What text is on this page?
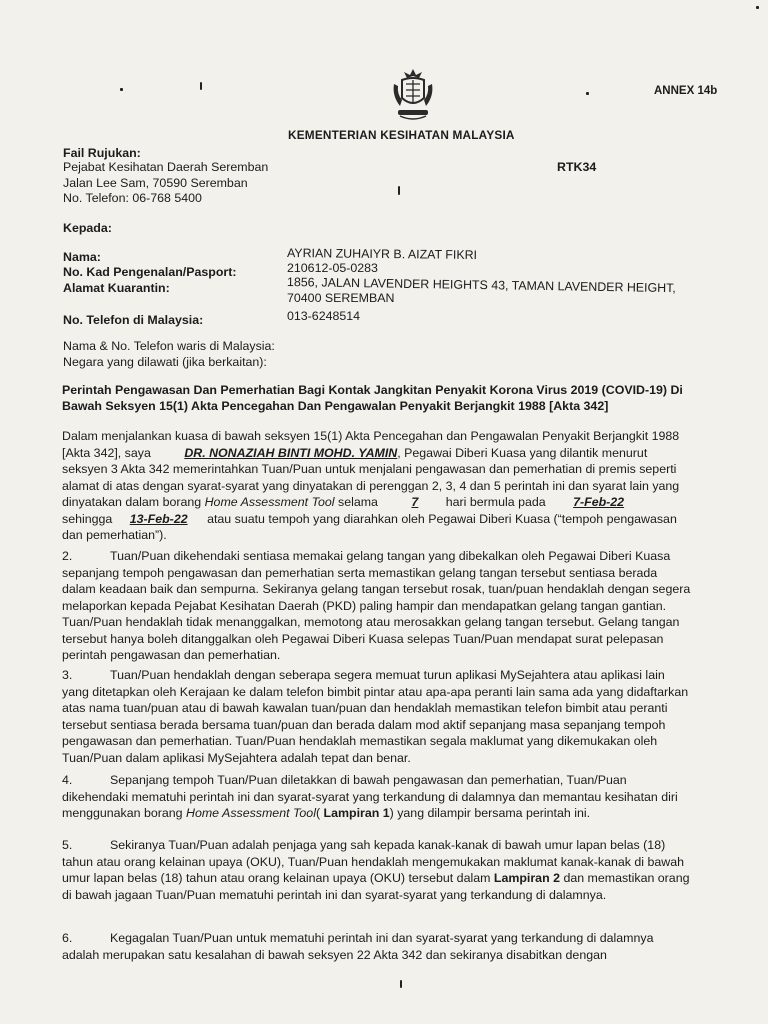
ANNEX 14b
KEMENTERIAN KESIHATAN MALAYSIA
Fail Rujukan:
RTK34
Pejabat Kesihatan Daerah Seremban
Jalan Lee Sam, 70590 Seremban
No. Telefon: 06-768 5400
Kepada:
Nama:	AYRIAN ZUHAIYR B. AIZAT FIKRI
No. Kad Pengenalan/Pasport:	210612-05-0283
Alamat Kuarantin:	1856, JALAN LAVENDER HEIGHTS 43, TAMAN LAVENDER HEIGHT,
70400 SEREMBAN
No. Telefon di Malaysia:	013-6248514
Nama & No. Telefon waris di Malaysia:
Negara yang dilawati (jika berkaitan):
Perintah Pengawasan Dan Pemerhatian Bagi Kontak Jangkitan Penyakit Korona Virus 2019 (COVID-19) Di Bawah Seksyen 15(1) Akta Pencegahan Dan Pengawalan Penyakit Berjangkit 1988 [Akta 342]
Dalam menjalankan kuasa di bawah seksyen 15(1) Akta Pencegahan dan Pengawalan Penyakit Berjangkit 1988 [Akta 342], saya	DR. NONAZIAH BINTI MOHD. YAMIN, Pegawai Diberi Kuasa yang dilantik menurut seksyen 3 Akta 342 memerintahkan Tuan/Puan untuk menjalani pengawasan dan pemerhatian di premis seperti alamat di atas dengan syarat-syarat yang dinyatakan di perenggan 2, 3, 4 dan 5 perintah ini dan syarat lain yang dinyatakan dalam borang Home Assessment Tool selama	7 hari bermula pada 7-Feb-22 sehingga 13-Feb-22 atau suatu tempoh yang diarahkan oleh Pegawai Diberi Kuasa (“tempoh pengawasan dan pemerhatian”).
2.	Tuan/Puan dikehendaki sentiasa memakai gelang tangan yang dibekalkan oleh Pegawai Diberi Kuasa sepanjang tempoh pengawasan dan pemerhatian serta memastikan gelang tangan tersebut sentiasa berada dalam keadaan baik dan sempurna. Sekiranya gelang tangan tersebut rosak, tuan/puan hendaklah dengan segera melaporkan kepada Pejabat Kesihatan Daerah (PKD) paling hampir dan mendapatkan gelang tangan gantian. Tuan/Puan hendaklah tidak menanggalkan, memotong atau merosakkan gelang tangan tersebut. Gelang tangan tersebut hanya boleh ditanggalkan oleh Pegawai Diberi Kuasa selepas Tuan/Puan mendapat surat pelepasan perintah pengawasan dan pemerhatian.
3.	Tuan/Puan hendaklah dengan seberapa segera memuat turun aplikasi MySejahtera atau aplikasi lain yang ditetapkan oleh Kerajaan ke dalam telefon bimbit pintar atau apa-apa peranti lain sama ada yang didaftarkan atas nama tuan/puan atau di bawah kawalan tuan/puan dan hendaklah memastikan telefon bimbit atau peranti tersebut sentiasa berada bersama tuan/puan dan berada dalam mod aktif sepanjang masa sepanjang tempoh pengawasan dan pemerhatian. Tuan/Puan hendaklah memastikan segala maklumat yang dikemukakan oleh Tuan/Puan dalam aplikasi MySejahtera adalah tepat dan benar.
4.	Sepanjang tempoh Tuan/Puan diletakkan di bawah pengawasan dan pemerhatian, Tuan/Puan dikehendaki mematuhi perintah ini dan syarat-syarat yang terkandung di dalamnya dan memantau kesihatan diri menggunakan borang Home Assessment Tool( Lampiran 1) yang dilampir bersama perintah ini.
5.	Sekiranya Tuan/Puan adalah penjaga yang sah kepada kanak-kanak di bawah umur lapan belas (18) tahun atau orang kelainan upaya (OKU), Tuan/Puan hendaklah mengemukakan maklumat kanak-kanak di bawah umur lapan belas (18) tahun atau orang kelainan upaya (OKU) tersebut dalam Lampiran 2 dan memastikan orang di bawah jagaan Tuan/Puan mematuhi perintah ini dan syarat-syarat yang terkandung di dalamnya.
6.	Kegagalan Tuan/Puan untuk mematuhi perintah ini dan syarat-syarat yang terkandung di dalamnya adalah merupakan satu kesalahan di bawah seksyen 22 Akta 342 dan sekiranya disabitkan dengan
